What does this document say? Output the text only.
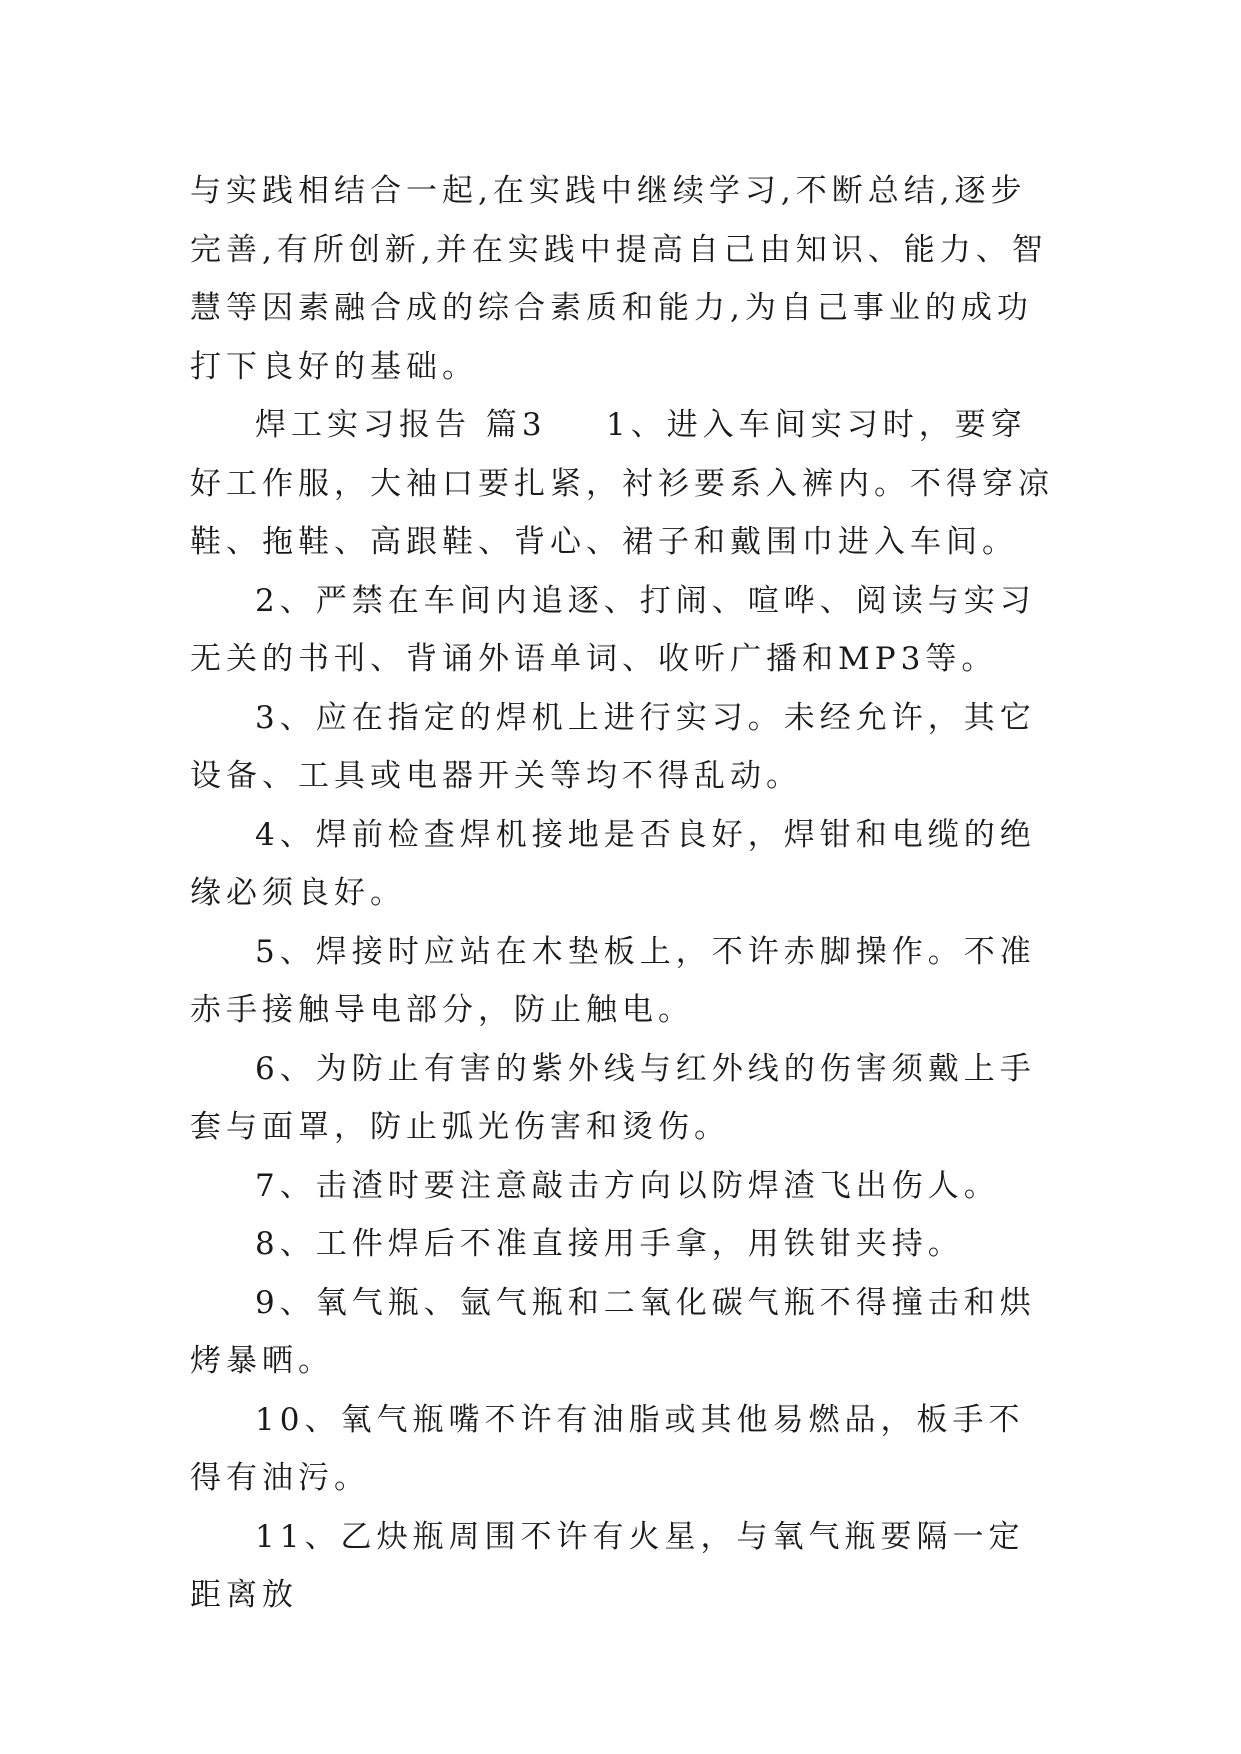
与实践相结合一起,在实践中继续学习,不断总结,逐步完善,有所创新,并在实践中提高自己由知识、能力、智慧等因素融合成的综合素质和能力,为自己事业的成功打下良好的基础。

焊工实习报告 篇3    1、进入车间实习时，要穿好工作服，大袖口要扎紧，衬衫要系入裤内。不得穿凉鞋、拖鞋、高跟鞋、背心、裙子和戴围巾进入车间。

2、严禁在车间内追逐、打闹、喧哗、阅读与实习无关的书刊、背诵外语单词、收听广播和MP3等。

3、应在指定的焊机上进行实习。未经允许，其它设备、工具或电器开关等均不得乱动。

4、焊前检查焊机接地是否良好，焊钳和电缆的绝缘必须良好。

5、焊接时应站在木垫板上，不许赤脚操作。不准赤手接触导电部分，防止触电。

6、为防止有害的紫外线与红外线的伤害须戴上手套与面罩，防止弧光伤害和烫伤。

7、击渣时要注意敲击方向以防焊渣飞出伤人。

8、工件焊后不准直接用手拿，用铁钳夹持。

9、氧气瓶、氩气瓶和二氧化碳气瓶不得撞击和烘烤暴晒。

10、氧气瓶嘴不许有油脂或其他易燃品，板手不得有油污。

11、乙炔瓶周围不许有火星，与氧气瓶要隔一定距离放
